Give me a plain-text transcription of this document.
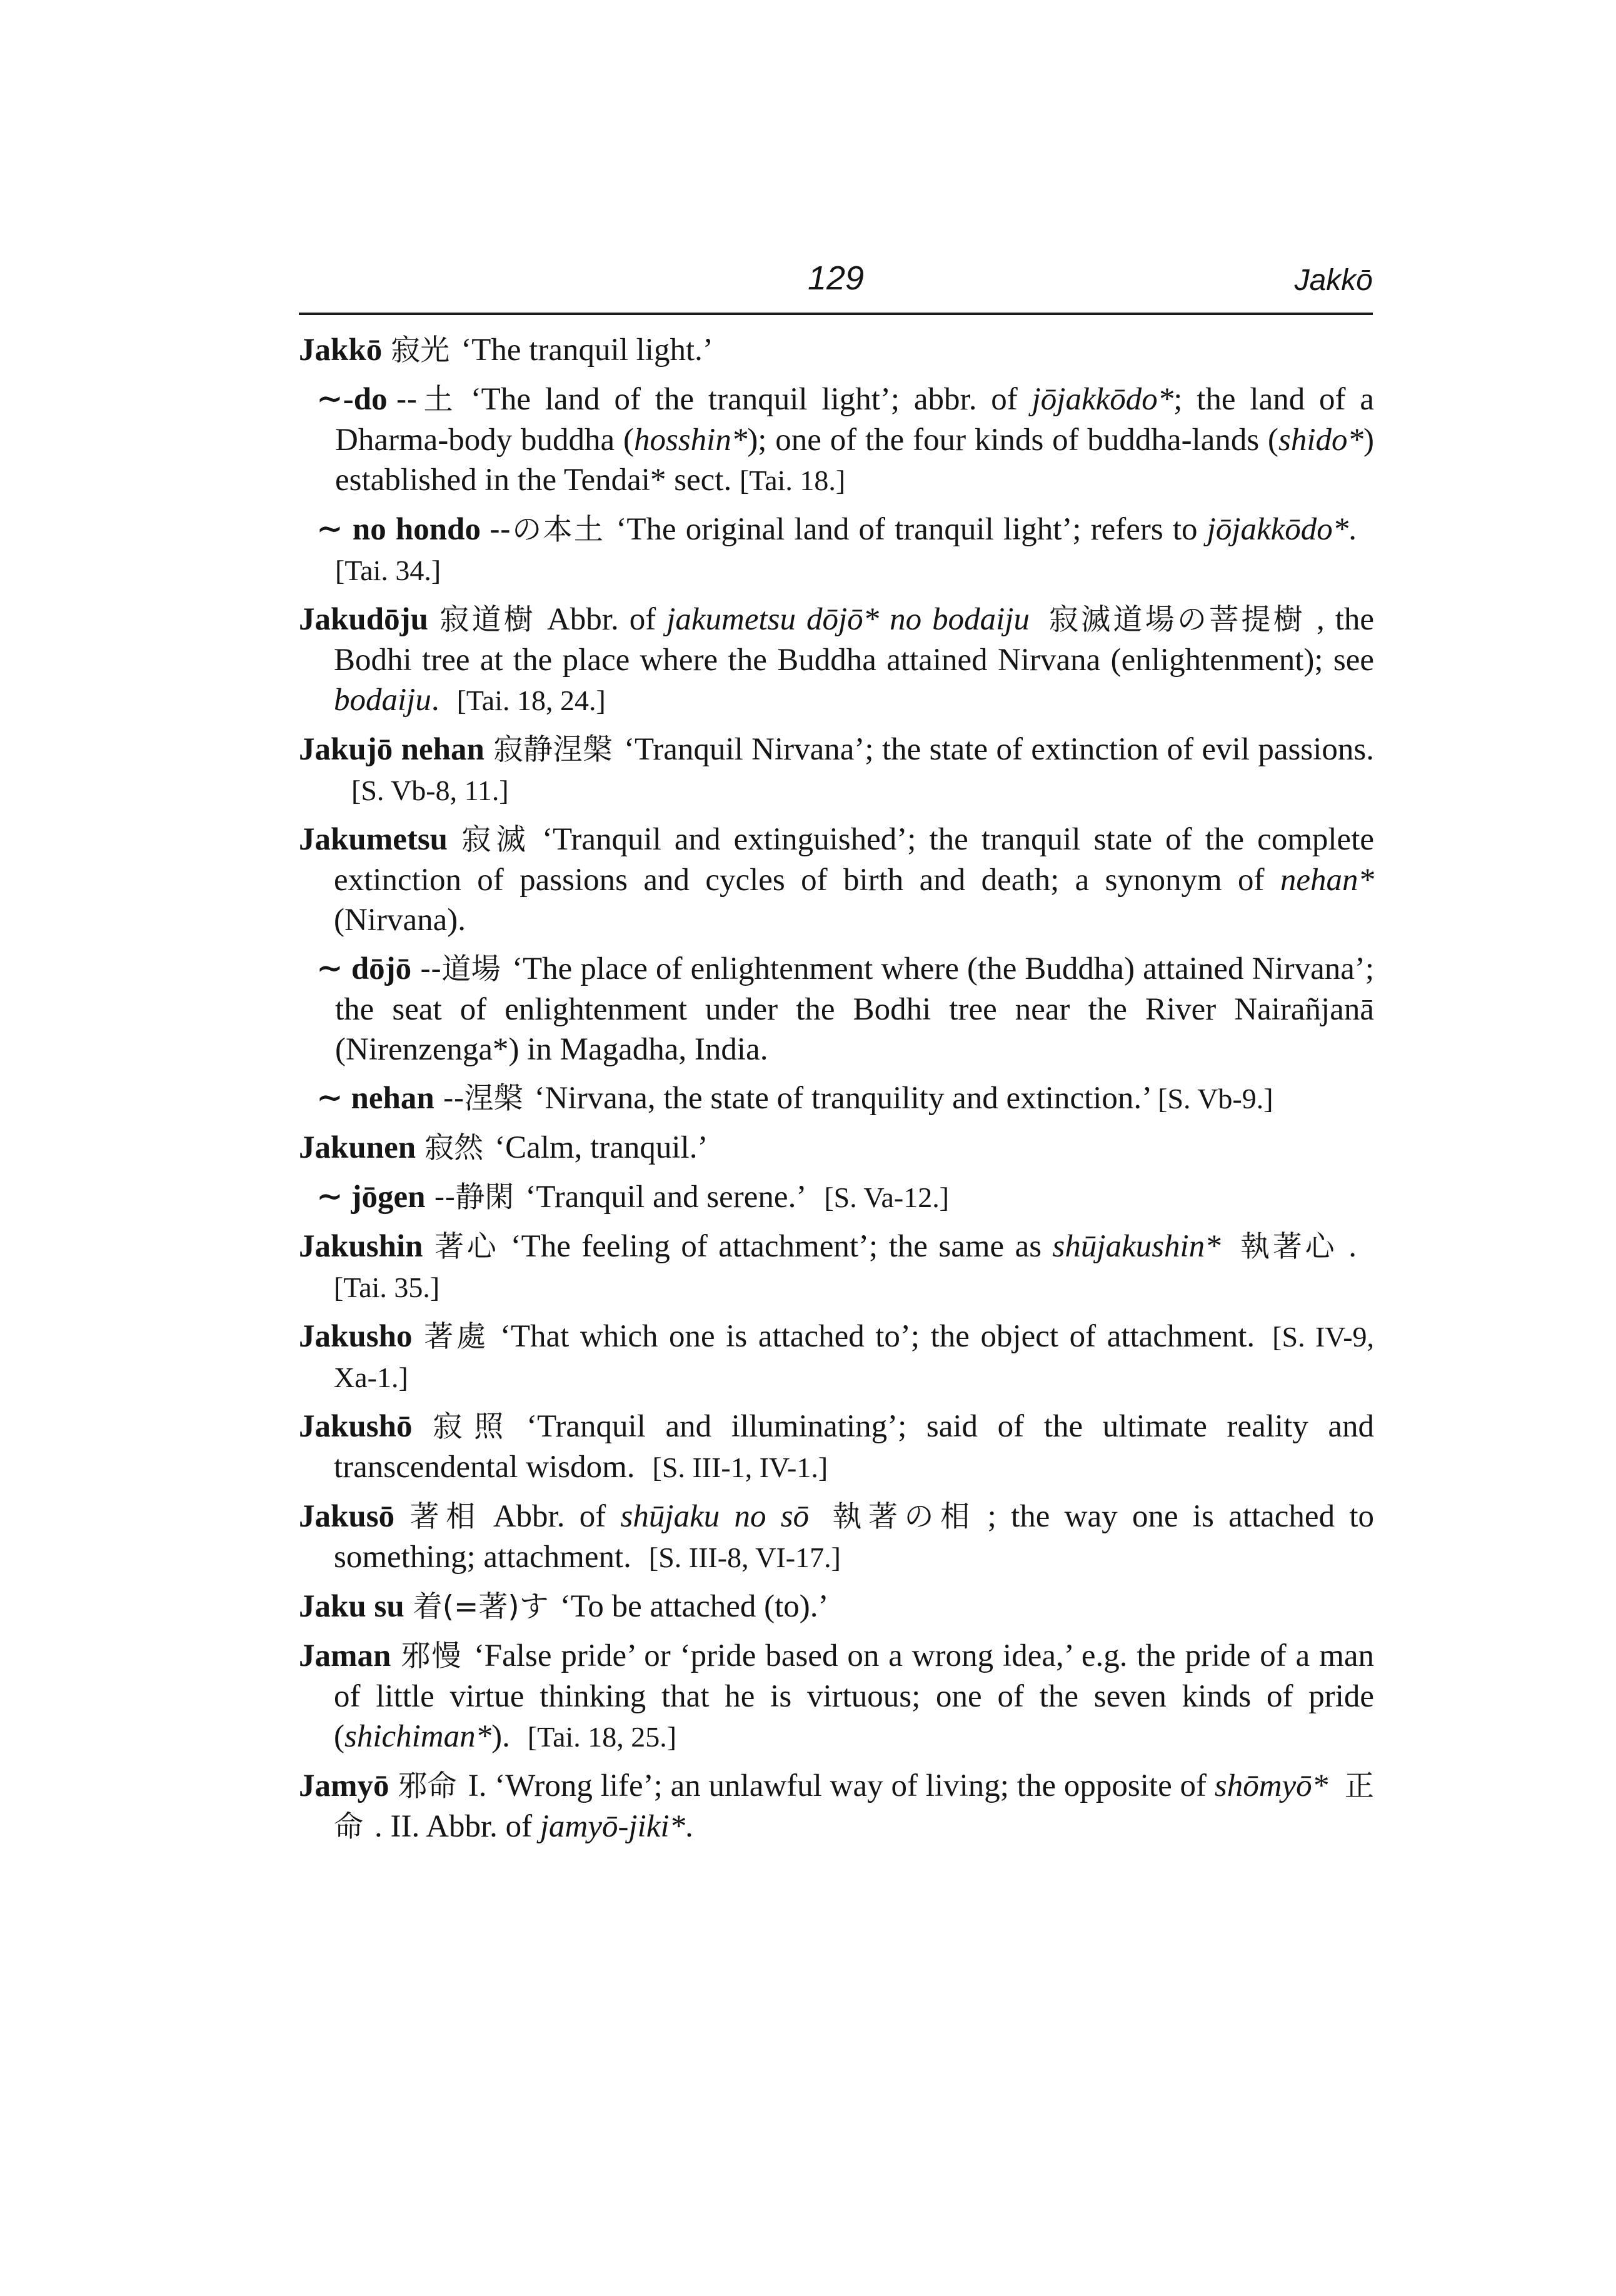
129	Jakkō
Jakkō 寂光 ‘The tranquil light.’
∼-do --土 ‘The land of the tranquil light’; abbr. of jōjakkōdo*; the land of a Dharma-body buddha (hosshin*); one of the four kinds of buddha-lands (shido*) established in the Tendai* sect. [Tai. 18.]
∼ no hondo --の本土 ‘The original land of tranquil light’; refers to jōjakkōdo*.[Tai. 34.]
Jakudōju 寂道樹 Abbr. of jakumetsu dōjō* no bodaiju 寂滅道場の菩提樹 , the Bodhi tree at the place where the Buddha attained Nirvana (enlightenment); see bodaiju. [Tai. 18, 24.]
Jakujō nehan 寂静涅槃 ‘Tranquil Nirvana’; the state of extinction of evil passions.[S. Vb-8, 11.]
Jakumetsu 寂滅 ‘Tranquil and extinguished’; the tranquil state of the complete extinction of passions and cycles of birth and death; a synonym of nehan* (Nirvana).
∼ dōjō --道場 ‘The place of enlightenment where (the Buddha) attained Nirvana’; the seat of enlightenment under the Bodhi tree near the River Nairañjanā (Nirenzenga*) in Magadha, India.
∼ nehan --涅槃 ‘Nirvana, the state of tranquility and extinction.’ [S. Vb-9.]
Jakunen 寂然 ‘Calm, tranquil.’
∼ jōgen --静閑 ‘Tranquil and serene.’ [S. Va-12.]
Jakushin 著心 ‘The feeling of attachment’; the same as shūjakushin* 執著心 .[Tai. 35.]
Jakusho 著處 ‘That which one is attached to’; the object of attachment. [S. IV-9, Xa-1.]
Jakushō 寂照 ‘Tranquil and illuminating’; said of the ultimate reality and transcendental wisdom. [S. III-1, IV-1.]
Jakusō 著相 Abbr. of shūjaku no sō 執著の相 ; the way one is attached to something; attachment. [S. III-8, VI-17.]
Jaku su 着(=著)す ‘To be attached (to).’
Jaman 邪慢 ‘False pride’ or ‘pride based on a wrong idea,’ e.g. the pride of a man of little virtue thinking that he is virtuous; one of the seven kinds of pride (shichiman*). [Tai. 18, 25.]
Jamyō 邪命 I. ‘Wrong life’; an unlawful way of living; the opposite of shōmyō* 正命 . II. Abbr. of jamyō-jiki*.
